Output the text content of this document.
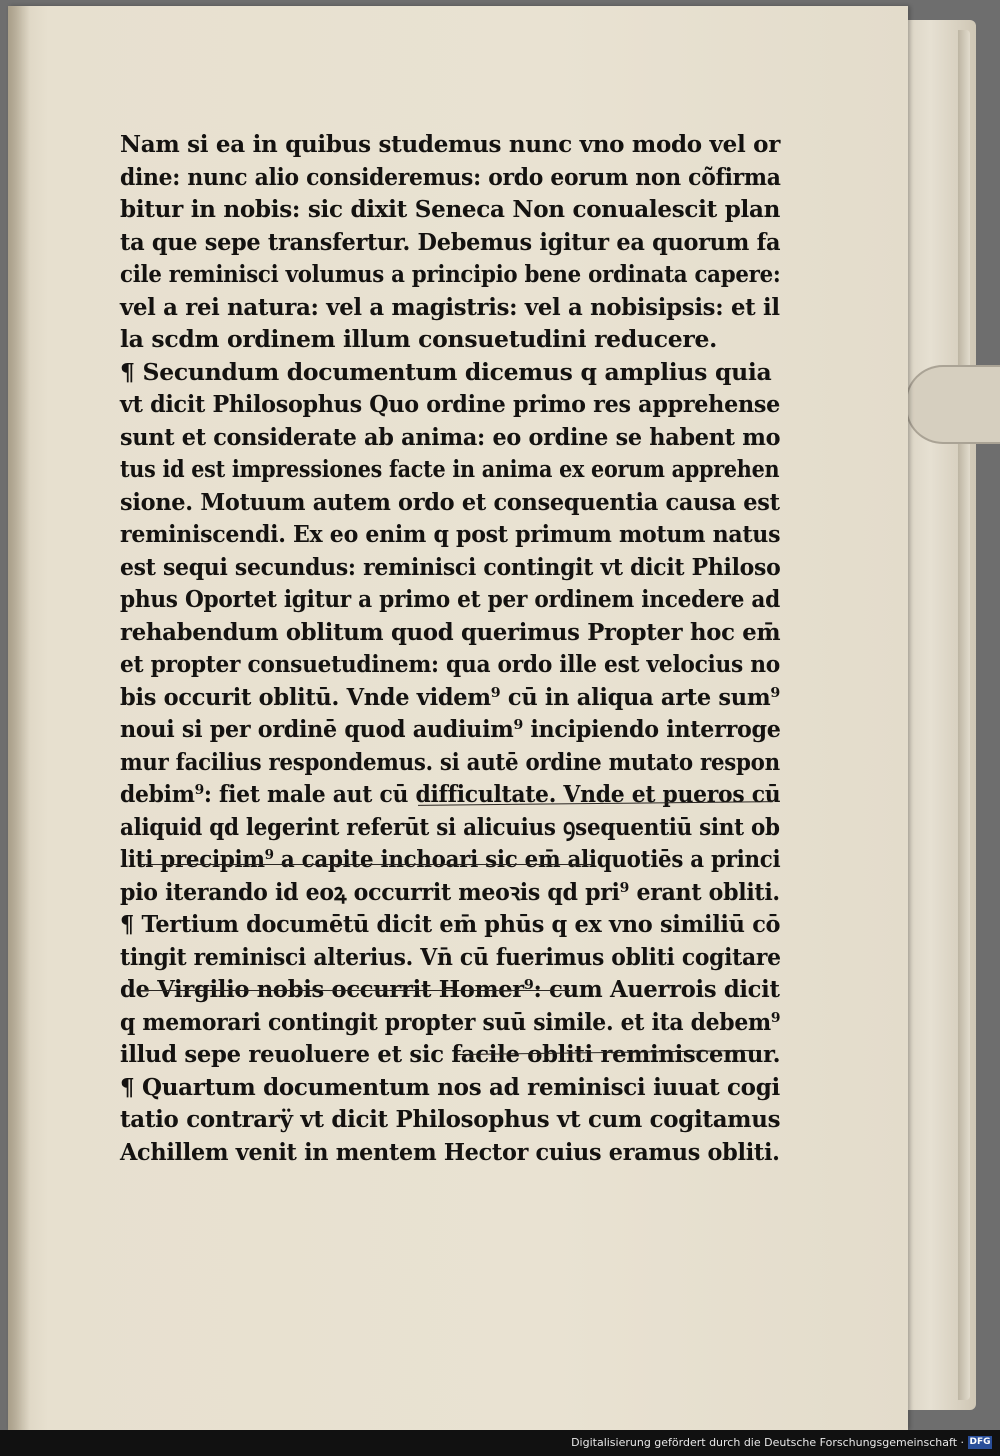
Nam si ea in quibus studemus nunc vno modo vel or
dine: nunc alio consideremus: ordo eorum non cõfirma
bitur in nobis: sic dixit Seneca Non conualescit plan
ta que sepe transfertur. Debemus igitur ea quorum fa
cile reminisci volumus a principio bene ordinata capere:
vel a rei natura: vel a magistris: vel a nobisipsis: et il
la scdm ordinem illum consuetudini reducere.
¶ Secundum documentum dicemus q amplius quia
vt dicit Philosophus Quo ordine primo res apprehense
sunt et considerate ab anima: eo ordine se habent mo
tus id est impressiones facte in anima ex eorum apprehen
sione. Motuum autem ordo et consequentia causa est
reminiscendi. Ex eo enim q post primum motum natus
est sequi secundus: reminisci contingit vt dicit Philoso
phus Oportet igitur a primo et per ordinem incedere ad
rehabendum oblitum quod querimus Propter hoc em̄
et propter consuetudinem: qua ordo ille est velocius no
bis occurit oblitū. Vnde videm⁹ cū in aliqua arte sum⁹
noui si per ordinē quod audiuim⁹ incipiendo interroge
mur facilius respondemus. si autē ordine mutato respon
debim⁹: fiet male aut cū difficultate. Vnde et pueros cū
aliquid qd legerint referūt si alicuius ꝯsequentiū sint ob
liti precipim⁹ a capite inchoari sic em̄ aliquotiēs a princi
pio iterando id eoꝝ occurrit meoꝛis qd pri⁹ erant obliti.
¶ Tertium documētū dicit em̄ phūs q ex vno similiū cō
tingit reminisci alterius. Vn̄ cū fuerimus obliti cogitare
de Virgilio nobis occurrit Homer⁹: cum Auerrois dicit
q memorari contingit propter suū simile. et ita debem⁹
illud sepe reuoluere et sic facile obliti reminiscemur.
¶ Quartum documentum nos ad reminisci iuuat cogi
tatio contrarÿ vt dicit Philosophus vt cum cogitamus
Achillem venit in mentem Hector cuius eramus obliti.
Digitalisierung gefördert durch die Deutsche Forschungsgemeinschaft · DFG
